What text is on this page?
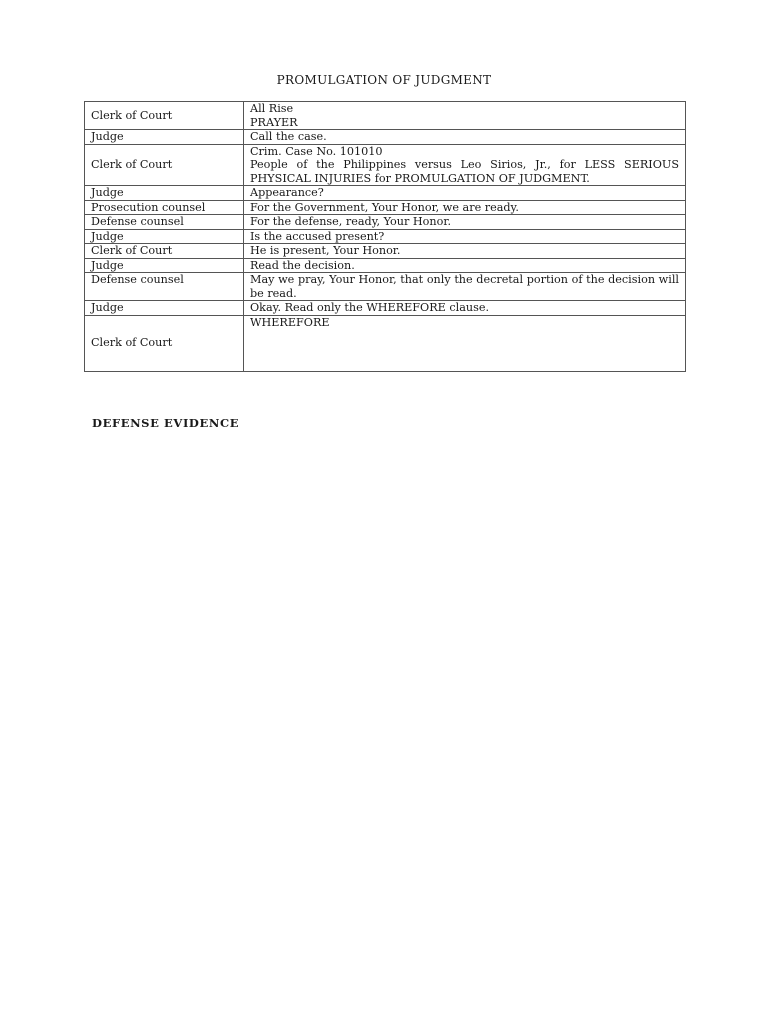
PROMULGATION OF JUDGMENT
Clerk of Court	All Rise
PRAYER

Judge	Call the case.

Clerk of Court	Crim. Case No. 101010
People of the Philippines versus Leo Sirios, Jr., for LESS SERIOUS PHYSICAL INJURIES for PROMULGATION OF JUDGMENT.

Judge	Appearance?

Prosecution counsel	For the Government, Your Honor, we are ready.

Defense counsel	For the defense, ready, Your Honor.

Judge	Is the accused present?

Clerk of Court	He is present, Your Honor.

Judge	Read the decision.

Defense counsel	May we pray, Your Honor, that only the decretal portion of the decision will be read.

Judge	Okay. Read only the WHEREFORE clause.

Clerk of Court	WHEREFORE
DEFENSE EVIDENCE
